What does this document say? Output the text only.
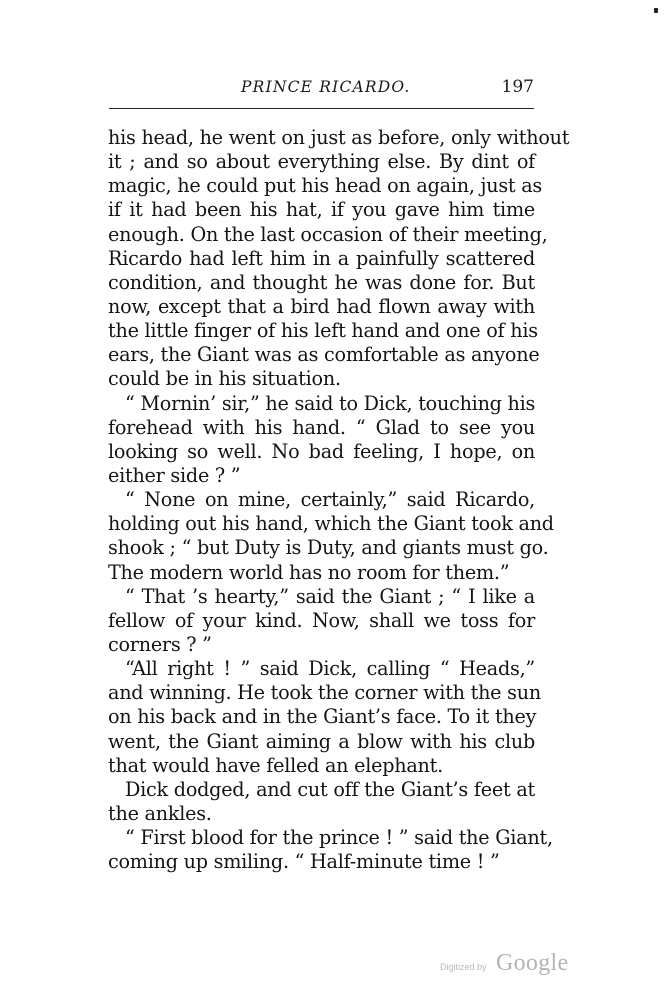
PRINCE RICARDO.	197
his head, he went on just as before, only without
it ; and so about everything else. By dint of
magic, he could put his head on again, just as
if it had been his hat, if you gave him time
enough. On the last occasion of their meeting,
Ricardo had left him in a painfully scattered
condition, and thought he was done for. But
now, except that a bird had flown away with
the little finger of his left hand and one of his
ears, the Giant was as comfortable as anyone
could be in his situation.
“ Mornin’ sir,” he said to Dick, touching his
forehead with his hand. “ Glad to see you
looking so well. No bad feeling, I hope, on
either side ? ”
“ None on mine, certainly,” said Ricardo,
holding out his hand, which the Giant took and
shook ; “ but Duty is Duty, and giants must go.
The modern world has no room for them.”
“ That ’s hearty,” said the Giant ; “ I like a
fellow of your kind. Now, shall we toss for
corners ? ”
“All right ! ” said Dick, calling “ Heads,”
and winning. He took the corner with the sun
on his back and in the Giant’s face. To it they
went, the Giant aiming a blow with his club
that would have felled an elephant.
Dick dodged, and cut off the Giant’s feet at
the ankles.
“ First blood for the prince ! ” said the Giant,
coming up smiling. “ Half-minute time ! ”
Digitized by Google
